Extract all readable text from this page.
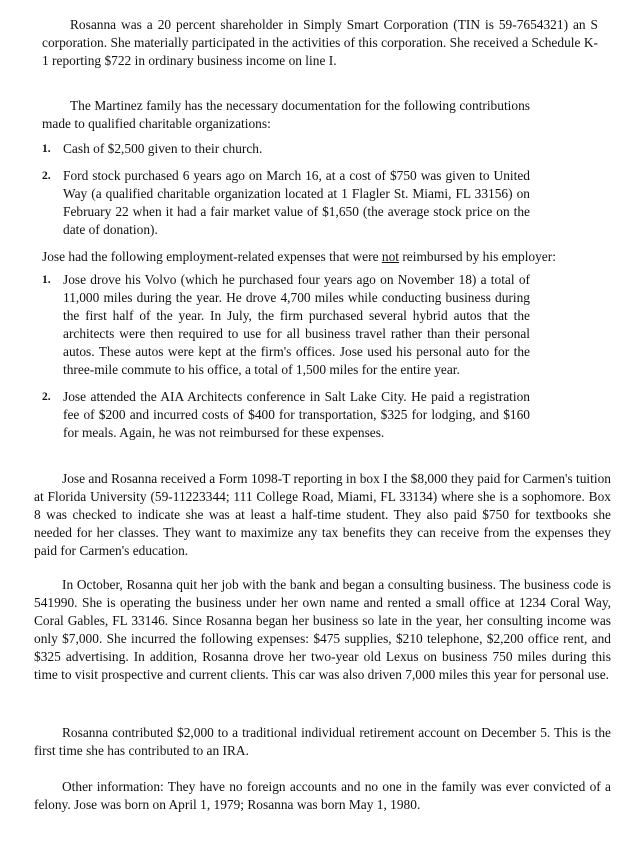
Rosanna was a 20 percent shareholder in Simply Smart Corporation (TIN is 59-7654321) an S corporation. She materially participated in the activities of this corporation. She received a Schedule K-1 reporting $722 in ordinary business income on line I.

The Martinez family has the necessary documentation for the following contributions made to qualified charitable organizations:

1. Cash of $2,500 given to their church.
2. Ford stock purchased 6 years ago on March 16, at a cost of $750 was given to United Way (a qualified charitable organization located at 1 Flagler St. Miami, FL 33156) on February 22 when it had a fair market value of $1,650 (the average stock price on the date of donation).

Jose had the following employment-related expenses that were not reimbursed by his employer:

1. Jose drove his Volvo (which he purchased four years ago on November 18) a total of 11,000 miles during the year. He drove 4,700 miles while conducting business during the first half of the year. In July, the firm purchased several hybrid autos that the architects were then required to use for all business travel rather than their personal autos. These autos were kept at the firm's offices. Jose used his personal auto for the three-mile commute to his office, a total of 1,500 miles for the entire year.
2. Jose attended the AIA Architects conference in Salt Lake City. He paid a registration fee of $200 and incurred costs of $400 for transportation, $325 for lodging, and $160 for meals. Again, he was not reimbursed for these expenses.

Jose and Rosanna received a Form 1098-T reporting in box I the $8,000 they paid for Carmen's tuition at Florida University (59-11223344; 111 College Road, Miami, FL 33134) where she is a sophomore. Box 8 was checked to indicate she was at least a half-time student. They also paid $750 for textbooks she needed for her classes. They want to maximize any tax benefits they can receive from the expenses they paid for Carmen's education.

In October, Rosanna quit her job with the bank and began a consulting business. The business code is 541990. She is operating the business under her own name and rented a small office at 1234 Coral Way, Coral Gables, FL 33146. Since Rosanna began her business so late in the year, her consulting income was only $7,000. She incurred the following expenses: $475 supplies, $210 telephone, $2,200 office rent, and $325 advertising. In addition, Rosanna drove her two-year old Lexus on business 750 miles during this time to visit prospective and current clients. This car was also driven 7,000 miles this year for personal use.

Rosanna contributed $2,000 to a traditional individual retirement account on December 5. This is the first time she has contributed to an IRA.

Other information: They have no foreign accounts and no one in the family was ever convicted of a felony. Jose was born on April 1, 1979; Rosanna was born May 1, 1980.
